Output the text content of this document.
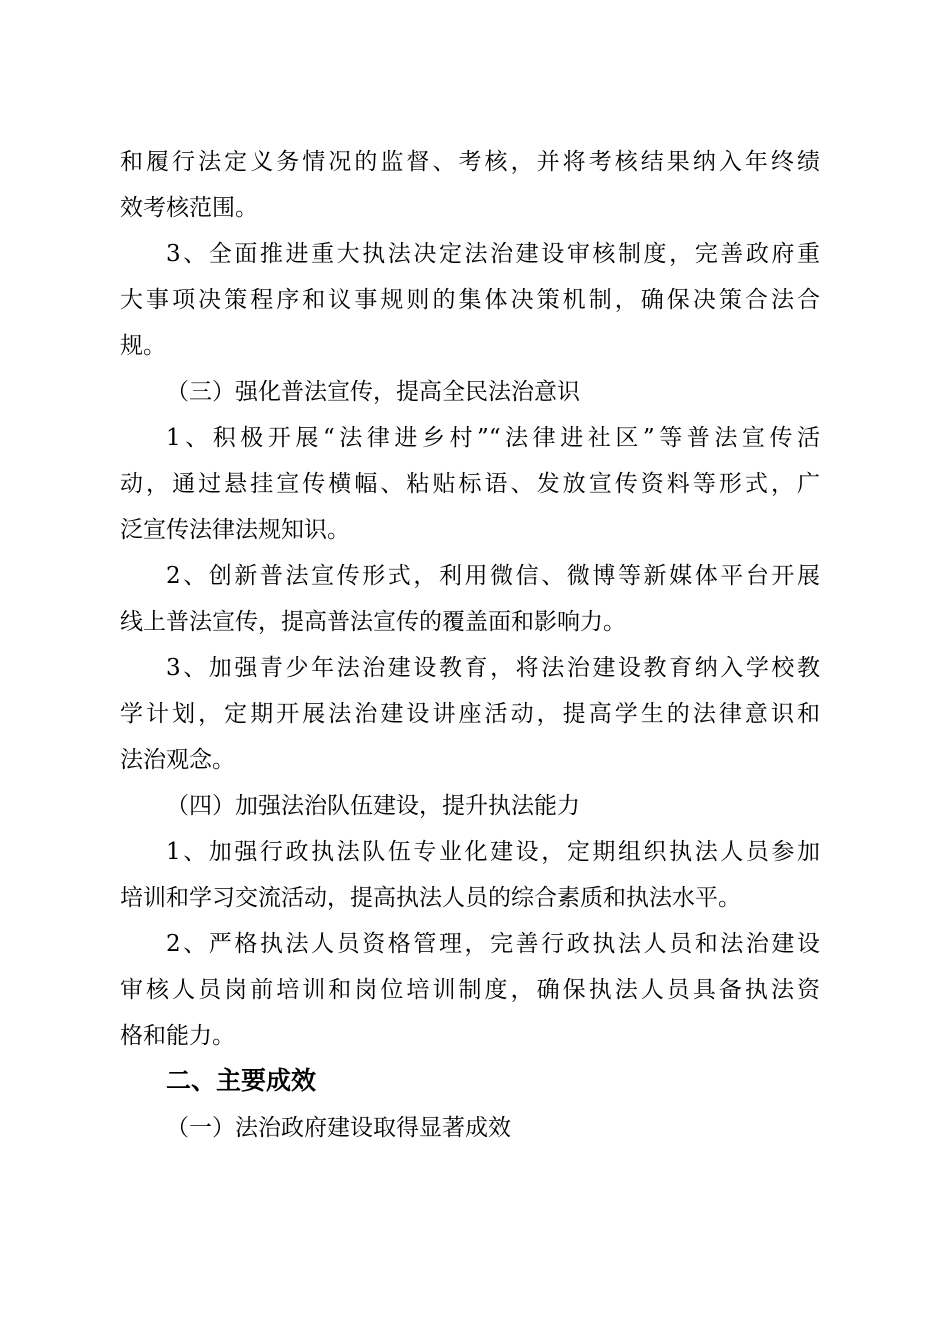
和履行法定义务情况的监督、考核，并将考核结果纳入年终绩
效考核范围。
3、全面推进重大执法决定法治建设审核制度，完善政府重
大事项决策程序和议事规则的集体决策机制，确保决策合法合
规。
（三）强化普法宣传，提高全民法治意识
1、积极开展“法律进乡村”“法律进社区”等普法宣传活
动，通过悬挂宣传横幅、粘贴标语、发放宣传资料等形式，广
泛宣传法律法规知识。
2、创新普法宣传形式，利用微信、微博等新媒体平台开展
线上普法宣传，提高普法宣传的覆盖面和影响力。
3、加强青少年法治建设教育，将法治建设教育纳入学校教
学计划，定期开展法治建设讲座活动，提高学生的法律意识和
法治观念。
（四）加强法治队伍建设，提升执法能力
1、加强行政执法队伍专业化建设，定期组织执法人员参加
培训和学习交流活动，提高执法人员的综合素质和执法水平。
2、严格执法人员资格管理，完善行政执法人员和法治建设
审核人员岗前培训和岗位培训制度，确保执法人员具备执法资
格和能力。
二、主要成效
（一）法治政府建设取得显著成效
